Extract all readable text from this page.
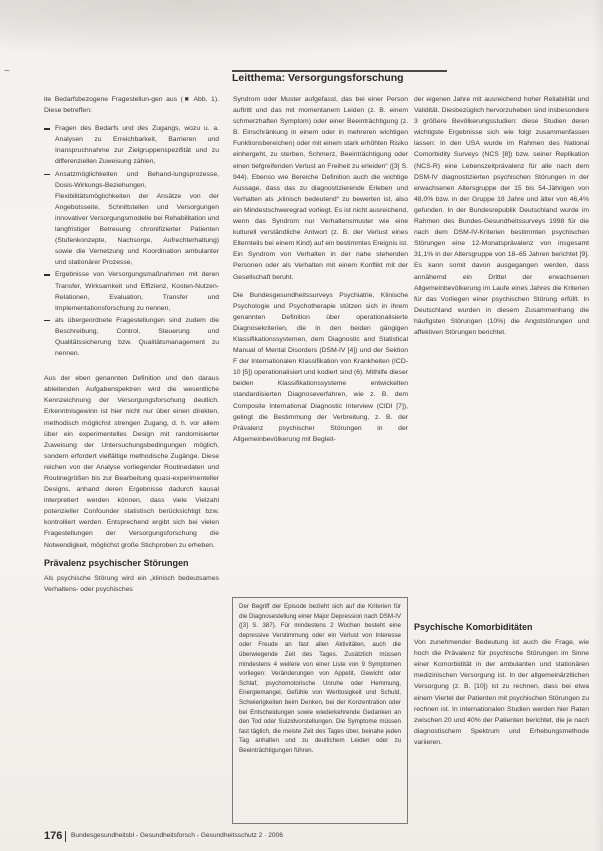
~
Leitthema: Versorgungsforschung

ite Bedarfsbezogene Fragestellun-gen aus (■ Abb. 1). Diese betreffen:

Fragen des Bedarfs und des Zugangs, wozu u. a. Analysen zu Erreichbarkeit, Barrieren und Inanspruchnahme zur Zielgruppenspezifität und zu differenziellen Zuweisung zählen,
Ansatzmöglichkeiten und Behand-lungsprozesse, Dosis-Wirkungs-Beziehungen, Flexibilitätsmöglichkeiten der Ansätze von der Angebotsseite, Schnittstellen und Versorgungen innovativer Versorgungsmodelle bei Rehabilitation und langfristiger Betreuung chronifizierter Patienten (Stufenkonzepte, Nachsorge, Aufrechterhaltung) sowie die Vernetzung und Koordination ambulanter und stationärer Prozesse,
Ergebnisse von Versorgungsmaßnahmen mit deren Transfer, Wirksamkeit und Effizienz, Kosten-Nutzen-Relationen, Evaluation, Transfer und Implementationsforschung zu nennen,
als übergeordnete Fragestellungen sind zudem die Beschreibung, Control, Steuerung und Qualitätssicherung bzw. Qualitätsmanagement zu nennen.

Aus der eben genannten Definition und den daraus ableitenden Aufgabenspektren wird die wesentliche Kennzeichnung der Versorgungsforschung deutlich. Erkenntnisgewinn ist hier nicht nur über einen direkten, methodisch möglichst strengen Zugang, d. h. vor allem über ein experimentelles Design mit randomisierter Zuweisung der Untersuchungsbedingungen möglich, sondern erfordert vielfältige methodische Zugänge. Diese reichen von der Analyse vorliegender Routinedaten und Routinegrößen bis zur Bearbeitung quasi-experimenteller Designs, anhand deren Ergebnisse dadurch kausal interpretiert werden können, dass viele Vielzahl potenzieller Confounder statistisch berücksichtigt bzw. kontrolliert werden. Entsprechend ergibt sich bei vielen Fragestellungen der Versorgungsforschung die Notwendigkeit, möglichst große Stichproben zu erheben.

Prävalenz psychischer Störungen

Als psychische Störung wird ein „klinisch bedeutsames Verhaltens- oder psychisches

Syndrom oder Muster aufgefasst, das bei einer Person auftritt und das mit momentanem Leiden (z. B. einem schmerzhaften Symptom) oder einer Beeinträchtigung (z. B. Einschränkung in einem oder in mehreren wichtigen Funktionsbereichen) oder mit einem stark erhöhten Risiko einhergeht, zu sterben, Schmerz, Beeinträchtigung oder einen tiefgreifenden Verlust an Freiheit zu erleiden“ ([3] S. 944). Ebenso wie Bereiche Definition auch die wichtige Aussage, dass das zu diagnostizierende Erleben und Verhalten als „klinisch bedeutend“ zu bewerten ist, also ein Mindestschweregrad vorliegt. Es ist nicht ausreichend, wenn das Syndrom nur Verhaltensmuster wie eine kulturell verständliche Antwort (z. B. der Verlust eines Elternteils bei einem Kind) auf ein bestimmtes Ereignis ist. Ein Syndrom von Verhalten in der nahe stehenden Personen oder als Verhalten mit einem Konflikt mit der Gesellschaft beruht.

Die Bundesgesundheitssurveys Psychiatrie, Klinische Psychologie und Psychotherapie stützen sich in ihrem genannten Definition über operationalisierte Diagnosekriterien, die in den beiden gängigen Klassifikationssystemen, dem Diagnostic and Statistical Manual of Mental Disorders (DSM-IV [4]) und der Sektion F der Internationalen Klassifikation von Krankheiten (ICD-10 [5]) operationalisiert und kodiert sind (6). Mithilfe dieser beiden Klassifikationssysteme entwickelten standardisierten Diagnoseverfahren, wie z. B. dem Composite International Diagnostic Interview (CIDI [7]), gelingt die Bestimmung der Verbreitung, z. B. der Prävalenz psychischer Störungen in der Allgemeinbevölkerung mit Begleit-

Der Begriff der Episode bezieht sich auf die Kriterien für die Diagnosestellung einer Major Depression nach DSM-IV ([3] S. 387). Für mindestens 2 Wochen besteht eine depressive Verstimmung oder ein Verlust von Interesse oder Freude an fast allen Aktivitäten, auch die überwiegende Zeit des Tages. Zusätzlich müssen mindestens 4 weitere von einer Liste von 9 Symptomen vorliegen: Veränderungen von Appetit, Gewicht oder Schlaf, psychomotorische Unruhe oder Hemmung, Energiemangel, Gefühle von Wertlosigkeit und Schuld, Schwierigkeiten beim Denken, bei der Konzentration oder bei Entscheidungen sowie wiederkehrende Gedanken an den Tod oder Suizidvorstellungen. Die Symptome müssen fast täglich, die meiste Zeit des Tages über, beinahe jeden Tag anhalten und zu deutlichem Leiden oder zu Beeinträchtigungen führen.

der eigenen Jahre mit ausreichend hoher Reliabilität und Validität. Diesbezüglich hervorzuheben sind insbesondere 3 größere Bevölkerungsstudien: diese Studien deren wichtigste Ergebnisse sich wie folgt zusammenfassen lassen: In den USA wurde im Rahmen des National Comorbidity Surveys (NCS [8]) bzw. seiner Replikation (NCS-R) eine Lebenszeitprävalenz für alle nach dem DSM-IV diagnostizierten psychischen Störungen in der erwachsenen Altersgruppe der 15 bis 54-Jährigen von 48,0% bzw. in der Gruppe 18 Jahre und älter von 46,4% gefunden. In der Bundesrepublik Deutschland wurde im Rahmen des Bundes-Gesundheitssurveys 1998 für die nach dem DSM-IV-Kriterien bestimmten psychischen Störungen eine 12-Monatsprävalenz von insgesamt 31,1% in der Altersgruppe von 18–65 Jahren berichtet [9]. Es kann somit davon ausgegangen werden, dass annähernd ein Drittel der erwachsenen Allgemeinbevölkerung im Laufe eines Jahres die Kriterien für das Vorliegen einer psychischen Störung erfüllt. In Deutschland wurden in diesem Zusammenhang die häufigsten Störungen (10%) die Angststörungen und affektiven Störungen berichtet.

Psychische Komorbiditäten

Von zunehmender Bedeutung ist auch die Frage, wie hoch die Prävalenz für psychische Störungen im Sinne einer Komorbidität in der ambulanten und stationären medizinischen Versorgung ist. In der allgemeinärztlichen Versorgung (z. B. [10]) ist zu rechnen, dass bei etwa einem Viertel der Patienten mit psychischen Störungen zu rechnen ist. In internationalen Studien werden hier Raten zwischen 20 und 40% der Patienten berichtet, die je nach diagnostischem Spektrum und Erhebungsmethode variieren.

176 Bundesgesundheitsbl - Gesundheitsforsch - Gesundheitsschutz 2 · 2006
